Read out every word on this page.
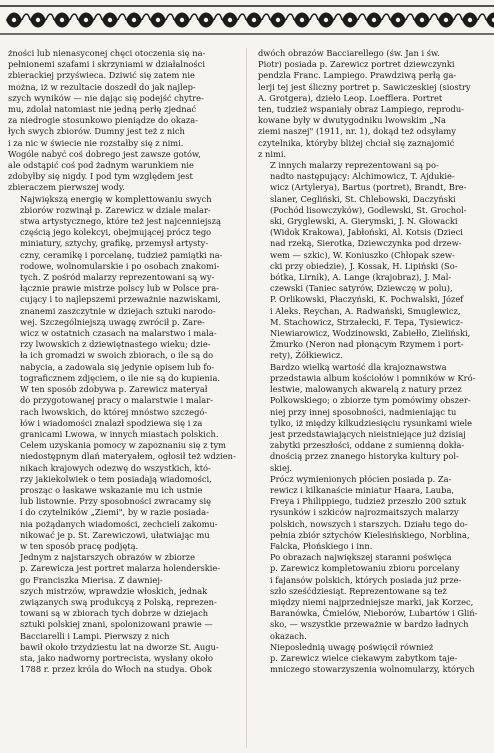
żności lub nienasyconej chęci otoczenia się na-
pełnionemi szafami i skrzyniami w działalności
zbierackiej przyświeca. Dziwić się zatem nie
można, iż w rezultacie doszedł do jak najlep-
szych wyników — nie dając się podejść chytre-
mu, zdolał natomiast nie jedną perłę zjednać
za niedrogie stosunkowo pieniądze do okaza-
łych swych zbiorów. Dumny jest też z nich
i za nic w świecie nie rozstałby się z nimi.
Wogóle nabyć coś dobrego jest zawsze gotów,
ale odstąpić coś pod żadnym warunkiem nie
zdobyłby się nigdy. I pod tym względem jest
zbieraczem pierwszej wody.

Największą energię w komplettowaniu swych
zbiorów rozwinął p. Zarewicz w dziale malar-
stwa artystycznego, które też jest najcenniejszą
częścią jego kolekcyi, obejmującej prócz tego
miniatury, sztychy, grafikę, przemysł artysty-
czny, ceramikę i porcelanę, tudzież pamiątki na-
rodowe, wolnomularskie i po osobach znakomi-
tych. Z pośród malarzy reprezentowani są wy-
łącznie prawie mistrze polscy lub w Polsce pra-
cujący i to najlepszemi przeważnie nazwiskami,
znanemi zaszczytnie w dziejach sztuki narodo-
wej. Szczególniejszą uwagę zwrócił p. Zare-
wicz w ostatnich czasach na malarstwo i mala-
rzy lwowskich z dziewiętnastego wieku; dzie-
ła ich gromadzi w swoich zbiorach, o ile są do
nabycia, a zadowala się jedynie opisem lub fo-
tograficznem zdjęciem, o ile nie są do kupienia.
W ten sposób zdobywa p. Zarewicz materyał
do przygotowanej pracy o malarstwie i malar-
rach lwowskich, do której mnóstwo szczegó-
łów i wiadomości znalazł spodziewa się i za
granicami Lwowa, w innych miastach polskich.
Celem uzyskania pomocy w zapoznaniu się z tym
niedostępnym dlań materyałem, ogłosił też wdzien-
nikach krajowych odezwę do wszystkich, któ-
rzy jakiekolwiek o tem posiadają wiadomości,
prosząc o łaskawe wskazanie mu ich ustnie
lub listownie. Przy sposobności zwracamy się
i do czytelników „Ziemi", by w razie posiada-
nia pożądanych wiadomości, zechcieli zakomu-
nikować je p. St. Zarewiczowi, ułatwiając mu
w ten sposób pracę podjętą.

Jednym z najstarszych obrazów w zbiorze
p. Zarewicza jest portret malarza holenderskie-
go Franciszka Mierisa. Z dawniej-
szych mistrzów, wprawdzie włoskich, jednak
związanych swą produkcyą z Polską, reprezen-
towani są w zbiorach tych dobrze w dziejach
sztuki polskiej znani, spolonizowani prawie —
Bacciarelli i Lampi. Pierwszy z nich
bawił około trzydziestu lat na dworze St. Augu-
sta, jako nadworny portrecista, wysłany około
1788 r. przez króla do Włoch na studya. Obok

dwóch obrazów Bacciarellego (św. Jan i św.
Piotr) posiada p. Zarewicz portret dziewczynki
pendzla Franc. Lampiego. Prawdziwą perłą ga-
lerji tej jest śliczny portret p. Sawiczeskiej (siostry
A. Grotgera), dzieło Leop. Loefflera. Portret
ten, tudzież wspaniały obraz Lampiego, reprodu-
kowane były w dwutygodniku lwowskim „Na
ziemi naszej" (1911, nr. 1), dokąd też odsyłamy
czytelnika, któryby bliżej chciał się zaznajomić
z nimi.

Z innych malarzy reprezentowani są po-
nadto następujący: Alchimowicz, T. Ajdukie-
wicz (Artylerya), Bartus (portret), Brandt, Bre-
slaner, Cegliński, St. Chlebowski, Daczyński
(Pochód lisowczyków), Godlewski, St. Grochol-
ski, Gryglewski, A. Gierymski, J. N. Głowacki
(Widok Krakowa), Jabłoński, Al. Kotsis (Dzieci
nad rzeką, Sierotka, Dziewczynka pod drzew-
wem — szkic), W. Koniuszko (Chłopak szew-
cki przy obiedzie), J. Kossak, H. Lipiński (So-
bótka, Lirnik), A. Lange (krajobraz), J. Mal-
czewski (Taniec satyrów, Dziewczę w polu),
P. Orlikowski, Płaczyński, K. Pochwalski, Józef
i Aleks. Reychan, A. Radwański, Smuglewicz,
M. Stachowicz, Strzałecki, F. Tepa, Tysiewicz-
Niewiarowicz, Wodzinowski, Zabiełło, Zieliński,
Żmurko (Neron nad płonącym Rzymem i port-
rety), Żółkiewicz.

Bardzo wielką wartość dla krajoznawstwa
przedstawia album kościołów i pomników w Kró-
lestwie, malowanych akwarelą z natury przez
Polkowskiego; o zbiorze tym pomówimy obszer-
niej przy innej sposobności, nadmieniając tu
tylko, iż między kilkudziesięciu rysunkami wiele
jest przedstawiających nieistniejące już dzisiaj
zabytki przeszłości, oddane z sumienną dokła-
dnością przez znanego historyka kultury pol-
skiej.

Prócz wymienionych płócien posiada p. Za-
rewicz i kilkanaście miniatur Haara, Lauba,
Freya i Philippiego, tudzież przeszło 200 sztuk
rysunków i szkiców najrozmaitszych malarzy
polskich, nowszych i starszych. Działu tego do-
pełnia zbiór sztychów Kielesińskiego, Norblina,
Falcka, Płońskiego i inn.

Po obrazach największej staranni poświęca
p. Zarewicz kompletowaniu zbioru porcelany
i fajansów polskich, których posiada już prze-
szło sześćdziesiąt. Reprezentowane są też
między niemi najprzedniejsze marki, jak Korzec,
Baranówka, Ćmielów, Nieborów, Lubartów i Gliń-
sko, — wszystkie przeważnie w bardzo ładnych
okazach.

Nieposlednią uwagę poświęcił również
p. Zarewicz wielce ciekawym zabytkom taje-
mniczego stowarzyszenia wolnomularzy, których
